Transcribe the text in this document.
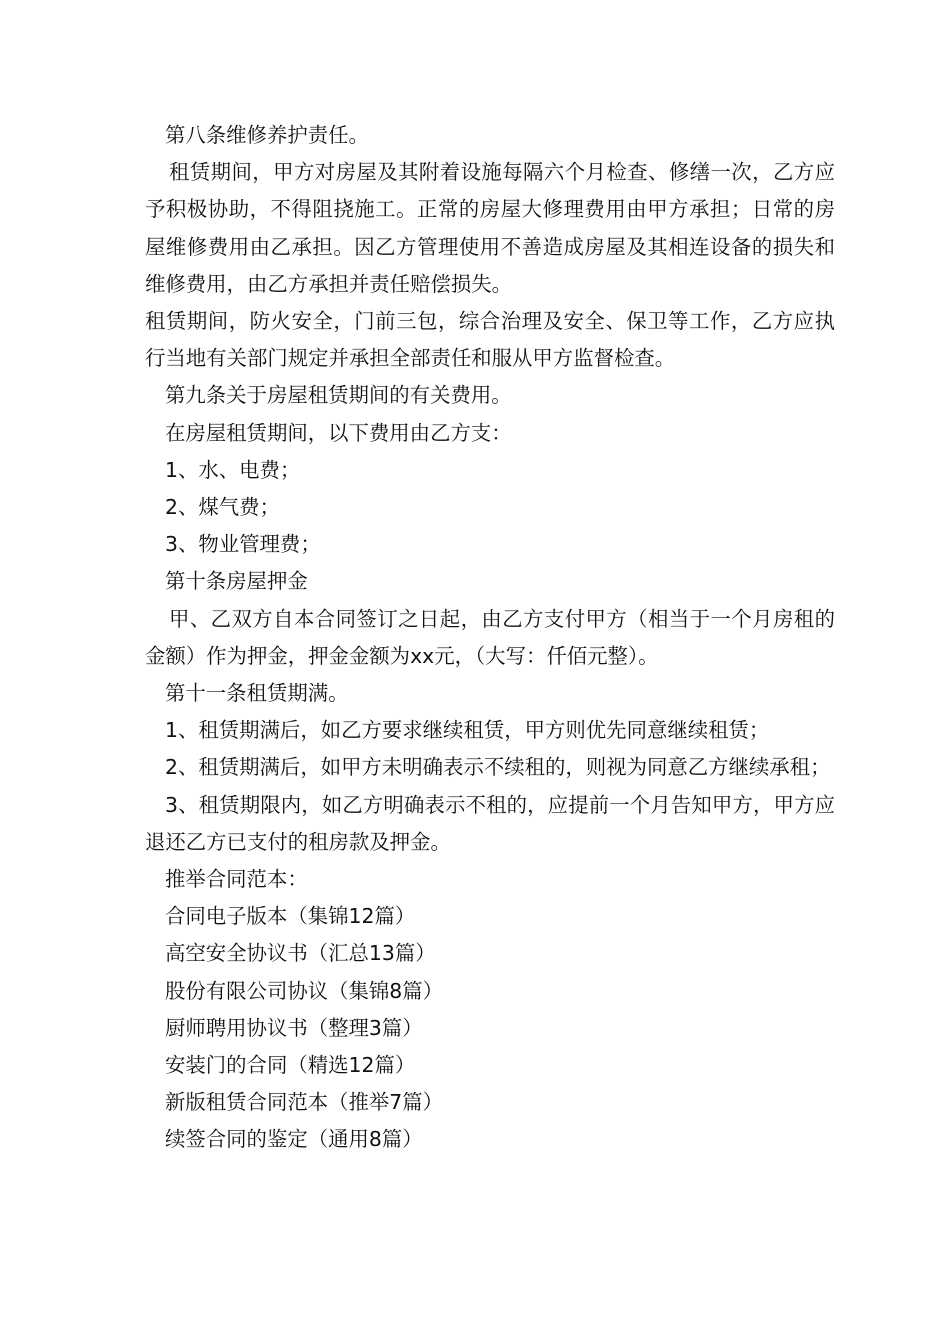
第八条维修养护责任。

租赁期间，甲方对房屋及其附着设施每隔六个月检查、修缮一次，乙方应予积极协助，不得阻挠施工。正常的房屋大修理费用由甲方承担；日常的房屋维修费用由乙承担。因乙方管理使用不善造成房屋及其相连设备的损失和维修费用，由乙方承担并责任赔偿损失。

租赁期间，防火安全，门前三包，综合治理及安全、保卫等工作，乙方应执行当地有关部门规定并承担全部责任和服从甲方监督检查。

第九条关于房屋租赁期间的有关费用。

在房屋租赁期间，以下费用由乙方支：

1、水、电费；

2、煤气费；

3、物业管理费；

第十条房屋押金

甲、乙双方自本合同签订之日起，由乙方支付甲方（相当于一个月房租的金额）作为押金，押金金额为xx元，（大写：仟佰元整）。

第十一条租赁期满。

1、租赁期满后，如乙方要求继续租赁，甲方则优先同意继续租赁；

2、租赁期满后，如甲方未明确表示不续租的，则视为同意乙方继续承租；

3、租赁期限内，如乙方明确表示不租的，应提前一个月告知甲方，甲方应退还乙方已支付的租房款及押金。

推举合同范本：

合同电子版本（集锦12篇）

高空安全协议书（汇总13篇）

股份有限公司协议（集锦8篇）

厨师聘用协议书（整理3篇）

安装门的合同（精选12篇）

新版租赁合同范本（推举7篇）

续签合同的鉴定（通用8篇）
